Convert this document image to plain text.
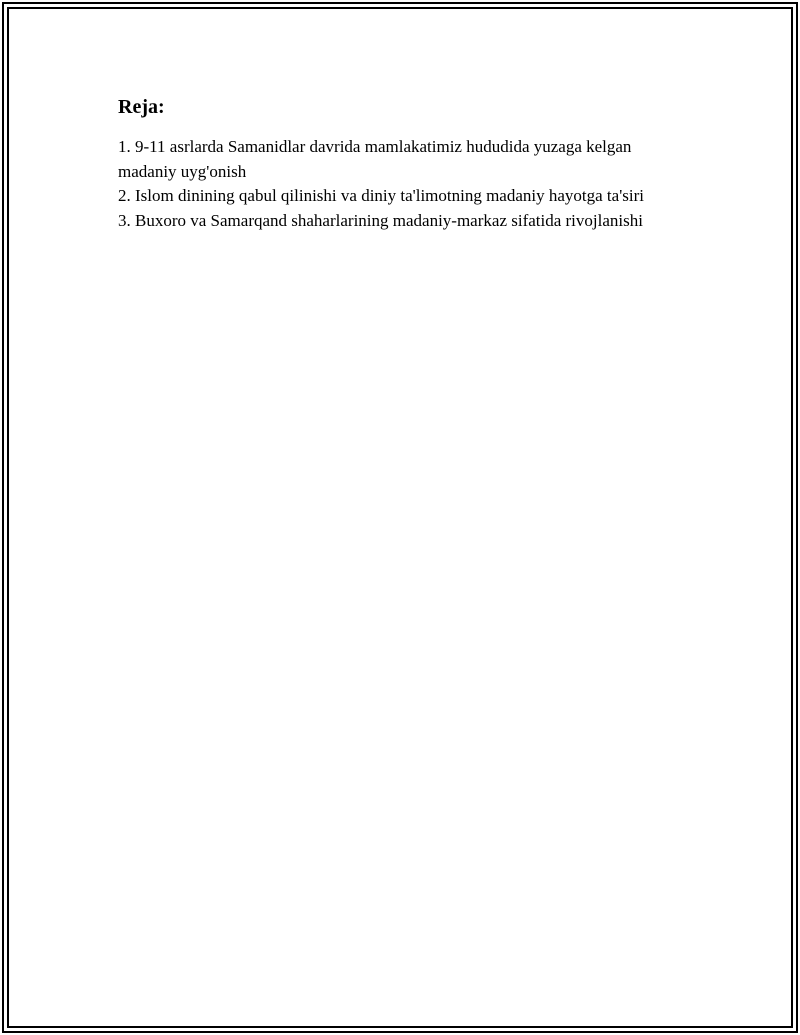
Reja:
1. 9-11 asrlarda Samanidlar davrida mamlakatimiz hududida yuzaga kelgan madaniy uyg'onish
2. Islom dinining qabul qilinishi va diniy ta'limotning madaniy hayotga ta'siri
3. Buxoro va Samarqand shaharlarining madaniy-markaz sifatida rivojlanishi
